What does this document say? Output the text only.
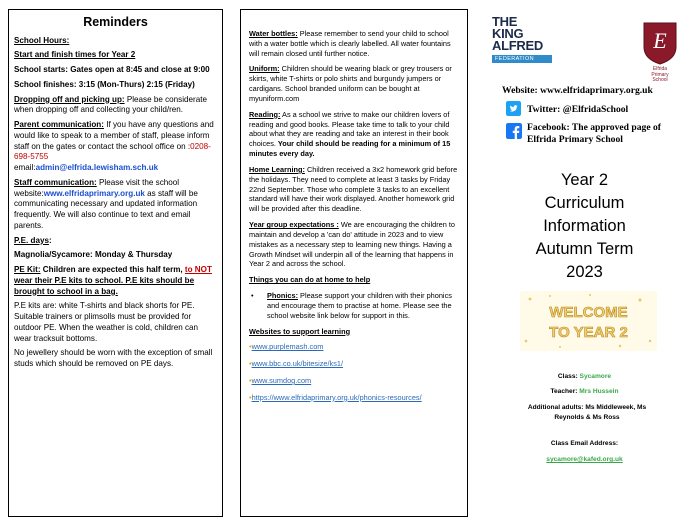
Reminders

School Hours:

Start and finish times for Year 2

School starts: Gates open at 8:45 and close at 9:00

School finishes: 3:15 (Mon-Thurs) 2:15 (Friday)

Dropping off and picking up: Please be considerate when dropping off and collecting your child/ren.

Parent communication: If you have any questions and would like to speak to a member of staff, please inform staff on the gates or contact the school office on :0208-698-5755
email:admin@elfrida.lewisham.sch.uk

Staff communication: Please visit the school website:www.elfridaprimary.org.uk as staff will be communicating necessary and updated information frequently. We will also continue to text and email parents.

P.E. days:

Magnolia/Sycamore: Monday & Thursday

PE Kit: Children are expected this half term, to NOT wear their P.E kits to school. P.E kits should be brought to school in a bag.

P.E kits are: white T-shirts and black shorts for PE. Suitable trainers or plimsolls must be provided for outdoor PE. When the weather is cold, children can wear tracksuit bottoms.

No jewellery should be worn with the exception of small studs which should be removed on PE days.

Water bottles: Please remember to send your child to school with a water bottle which is clearly labelled. All water fountains will remain closed until further notice.

Uniform: Children should be wearing black or grey trousers or skirts, white T-shirts or polo shirts and burgundy jumpers or cardigans. School branded uniform can be bought at myuniform.com

Reading: As a school we strive to make our children lovers of reading and good books. Please take time to talk to your child about what they are reading and take an interest in their book choices. Your child should be reading for a minimum of 15 minutes every day.

Home Learning: Children received a 3x2 homework grid before the holidays. They need to complete at least 3 tasks by Friday 22nd September. Those who complete 3 tasks to an excellent standard will have their work displayed. Another homework grid will be provided after this deadline.

Year group expectations : We are encouraging the children to maintain and develop a 'can do' attitude in 2023 and to view mistakes as a necessary step to learning new things. Having a Growth Mindset will underpin all of the learning that happens in Year 2 and across the school.

Things you can do at home to help

•	Phonics: Please support your children with their phonics and encourage them to practise at home. Please see the school website link below for support in this.

Websites to support learning

•www.purplemash.com
•www.bbc.co.uk/bitesize/ks1/
•www.sumdog.com
•https://www.elfridaprimary.org.uk/phonics-resources/
THE
KING
ALFRED
FEDERATION
E
Elfrida
Primary
School
Website: www.elfridaprimary.org.uk
Twitter: @ElfridaSchool
Facebook: The approved page of Elfrida Primary School
Year 2
Curriculum
Information
Autumn Term
2023
WELCOME
TO YEAR 2
Class: Sycamore
Teacher: Mrs Hussein
Additional adults: Ms Middleweek, Ms Reynolds & Ms Ross
Class Email Address:
sycamore@kafed.org.uk
